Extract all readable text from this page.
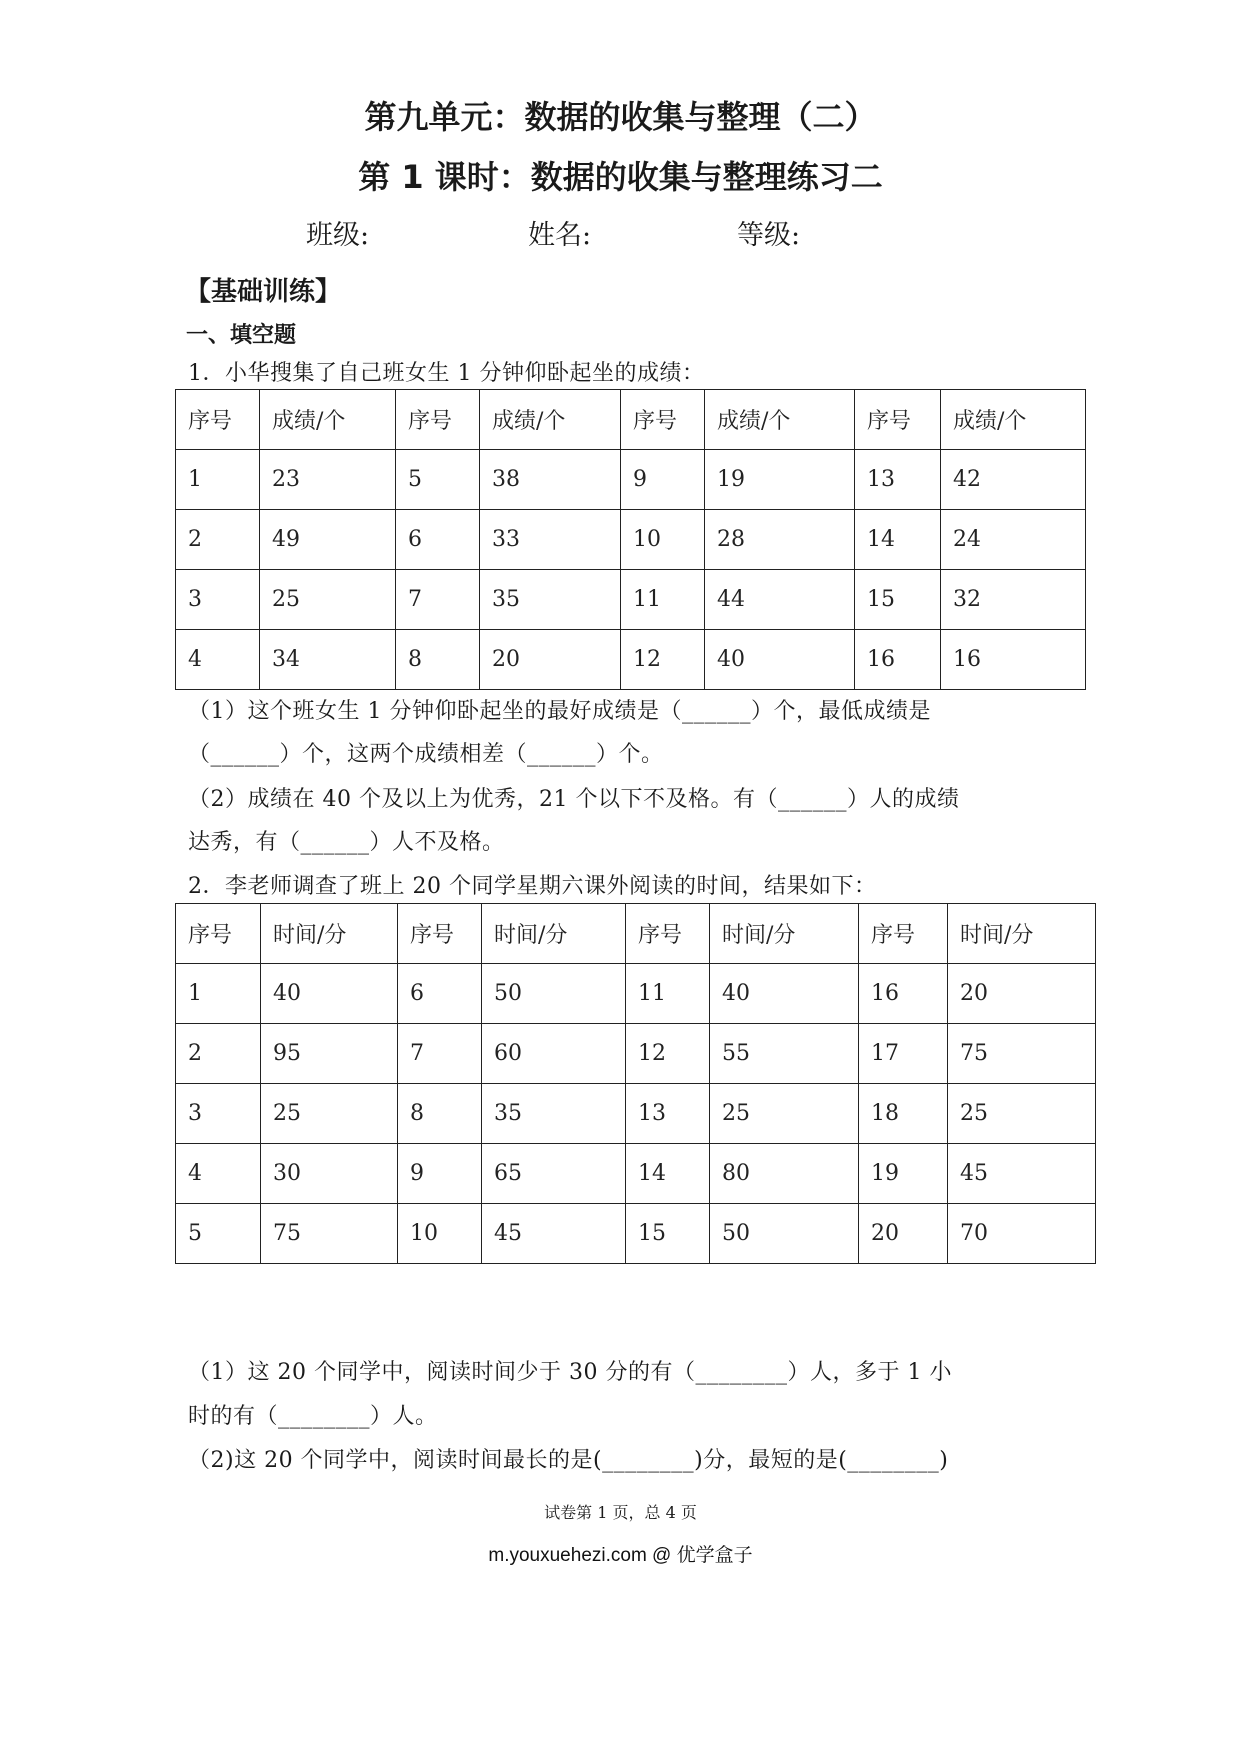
第九单元：数据的收集与整理（二）
第 1 课时：数据的收集与整理练习二
班级:	姓名:	等级:
【基础训练】
一、填空题
1．小华搜集了自己班女生 1 分钟仰卧起坐的成绩：
序号	成绩/个	序号	成绩/个	序号	成绩/个	序号	成绩/个
1	23	5	38	9	19	13	42
2	49	6	33	10	28	14	24
3	25	7	35	11	44	15	32
4	34	8	20	12	40	16	16
（1）这个班女生 1 分钟仰卧起坐的最好成绩是（______）个，最低成绩是
（______）个，这两个成绩相差（______）个。
（2）成绩在 40 个及以上为优秀，21 个以下不及格。有（______）人的成绩
达秀，有（______）人不及格。
2．李老师调查了班上 20 个同学星期六课外阅读的时间，结果如下：
序号	时间/分	序号	时间/分	序号	时间/分	序号	时间/分
1	40	6	50	11	40	16	20
2	95	7	60	12	55	17	75
3	25	8	35	13	25	18	25
4	30	9	65	14	80	19	45
5	75	10	45	15	50	20	70
（1）这 20 个同学中，阅读时间少于 30 分的有（________）人，多于 1 小
时的有（________）人。
（2)这 20 个同学中，阅读时间最长的是(________)分，最短的是(________)
试卷第 1 页，总 4 页
m.youxuehezi.com @ 优学盒子
